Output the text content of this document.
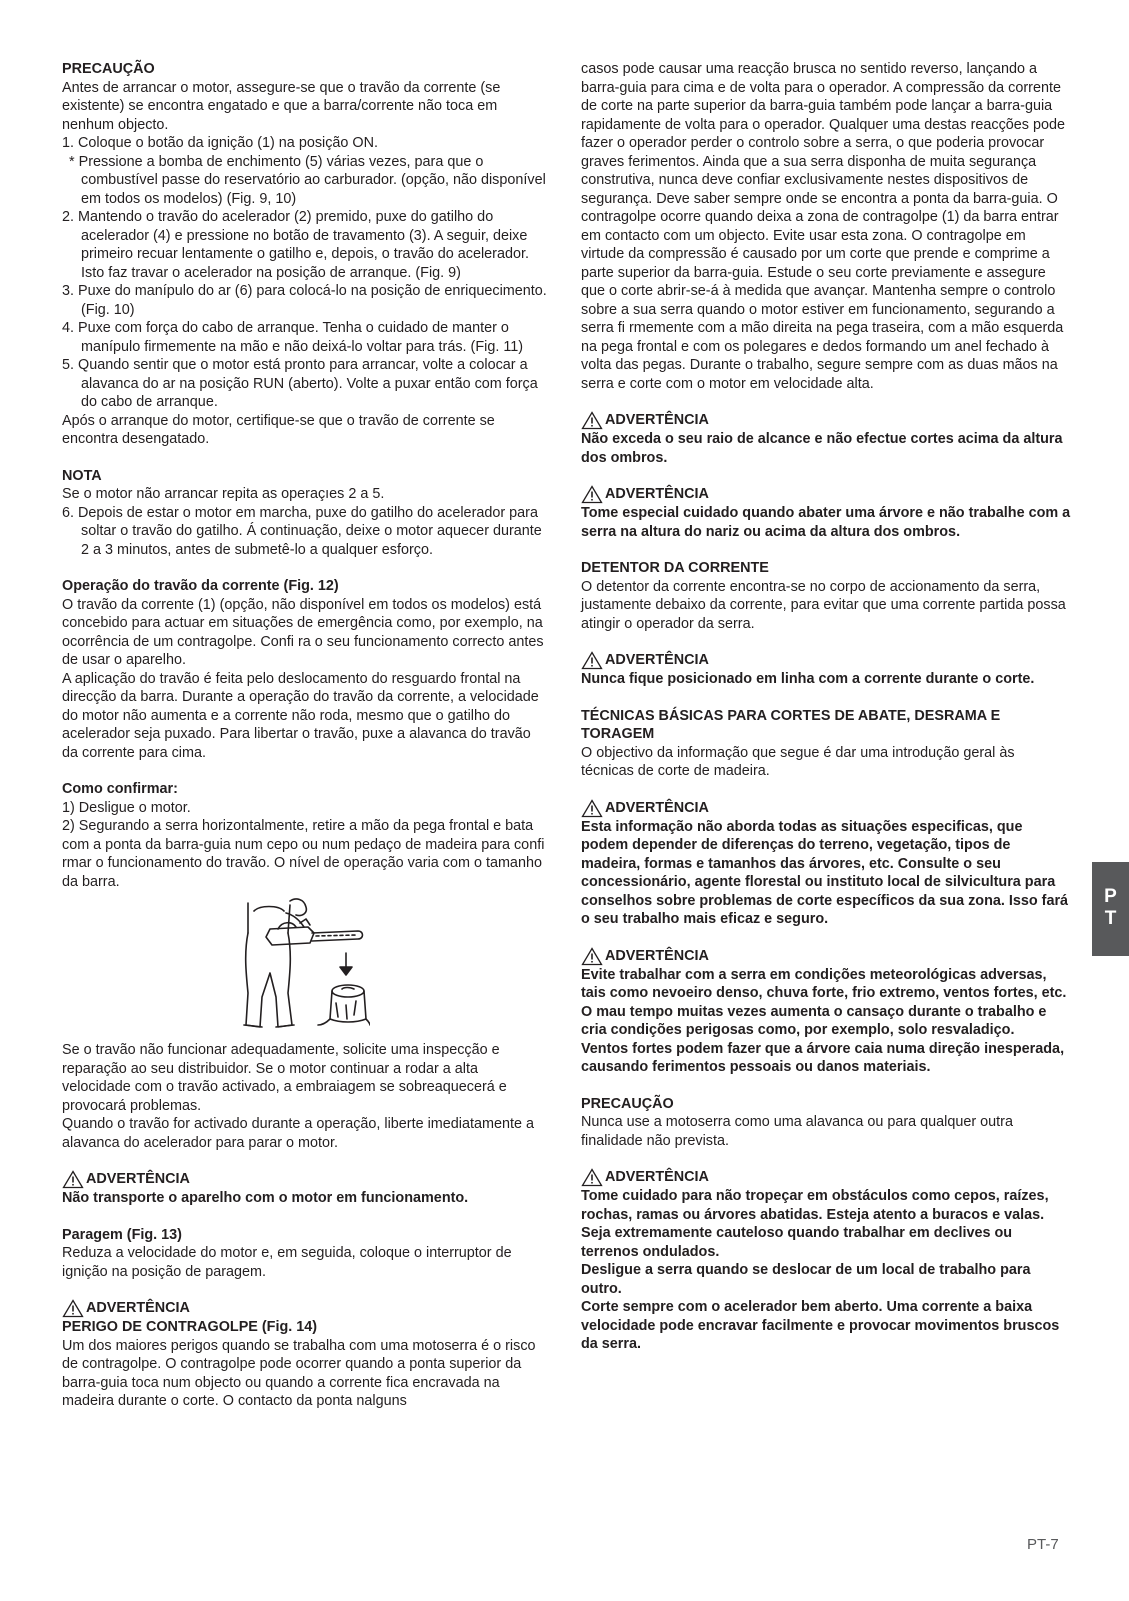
PRECAUÇÃO

Antes de arrancar o motor, assegure-se que o travão da corrente (se existente) se encontra engatado e que a barra/corrente não toca em nenhum objecto.

1. Coloque o botão da ignição (1) na posição ON.
* Pressione a bomba de enchimento (5) várias vezes, para que o combustível passe do reservatório ao carburador. (opção, não disponível em todos os modelos) (Fig. 9, 10)
2. Mantendo o travão do acelerador (2) premido, puxe do gatilho do acelerador (4) e pressione no botão de travamento (3). A seguir, deixe primeiro recuar lentamente o gatilho e, depois, o travão do acelerador. Isto faz travar o acelerador na posição de arranque. (Fig. 9)
3. Puxe do manípulo do ar (6) para colocá-lo na posição de enriquecimento. (Fig. 10)
4. Puxe com força do cabo de arranque. Tenha o cuidado de manter o manípulo firmemente na mão e não deixá-lo voltar para trás. (Fig. 11)
5. Quando sentir que o motor está pronto para arrancar, volte a colocar a alavanca do ar na posição RUN (aberto). Volte a puxar então com força do cabo de arranque.

Após o arranque do motor, certifique-se que o travão de corrente se encontra desengatado.

NOTA

Se o motor não arrancar repita as operaçıes 2 a 5.

6. Depois de estar o motor em marcha, puxe do gatilho do acelerador para soltar o travão do gatilho. Á continuação, deixe o motor aquecer durante 2 a 3 minutos, antes de submetê-lo a qualquer esforço.

Operação do travão da corrente (Fig. 12)

O travão da corrente (1) (opção, não disponível em todos os modelos) está concebido para actuar em situações de emergência como, por exemplo, na ocorrência de um contragolpe. Confi ra o seu funcionamento correcto antes de usar o aparelho.

A aplicação do travão é feita pelo deslocamento do resguardo frontal na direcção da barra. Durante a operação do travão da corrente, a velocidade do motor não aumenta e a corrente não roda, mesmo que o gatilho do acelerador seja puxado. Para libertar o travão, puxe a alavanca do travão da corrente para cima.

Como confirmar:

1) Desligue o motor.

2) Segurando a serra horizontalmente, retire a mão da pega frontal e bata com a ponta da barra-guia num cepo ou num pedaço de madeira para confi rmar o funcionamento do travão. O nível de operação varia com o tamanho da barra.

Se o travão não funcionar adequadamente, solicite uma inspecção e reparação ao seu distribuidor. Se o motor continuar a rodar a alta velocidade com o travão activado, a embraiagem se sobreaquecerá e provocará problemas.

Quando o travão for activado durante a operação, liberte imediatamente a alavanca do acelerador para parar o motor.

ADVERTÊNCIA

Não transporte o aparelho com o motor em funcionamento.

Paragem (Fig. 13)

Reduza a velocidade do motor e, em seguida, coloque o interruptor de ignição na posição de paragem.

ADVERTÊNCIA

PERIGO DE CONTRAGOLPE (Fig. 14)

Um dos maiores perigos quando se trabalha com uma motoserra é o risco de contragolpe. O contragolpe pode ocorrer quando a ponta superior da barra-guia toca num objecto ou quando a corrente fica encravada na madeira durante o corte. O contacto da ponta nalguns

casos pode causar uma reacção brusca no sentido reverso, lançando a barra-guia para cima e de volta para o operador. A compressão da corrente de corte na parte superior da barra-guia também pode lançar a barra-guia rapidamente de volta para o operador. Qualquer uma destas reacções pode fazer o operador perder o controlo sobre a serra, o que poderia provocar graves ferimentos. Ainda que a sua serra disponha de muita segurança construtiva, nunca deve confiar exclusivamente nestes dispositivos de segurança. Deve saber sempre onde se encontra a ponta da barra-guia. O contragolpe ocorre quando deixa a zona de contragolpe (1) da barra entrar em contacto com um objecto. Evite usar esta zona. O contragolpe em virtude da compressão é causado por um corte que prende e comprime a parte superior da barra-guia. Estude o seu corte previamente e assegure que o corte abrir-se-á à medida que avançar. Mantenha sempre o controlo sobre a sua serra quando o motor estiver em funcionamento, segurando a serra fi rmemente com a mão direita na pega traseira, com a mão esquerda na pega frontal e com os polegares e dedos formando um anel fechado à volta das pegas. Durante o trabalho, segure sempre com as duas mãos na serra e corte com o motor em velocidade alta.

ADVERTÊNCIA

Não exceda o seu raio de alcance e não efectue cortes acima da altura dos ombros.

ADVERTÊNCIA

Tome especial cuidado quando abater uma árvore e não trabalhe com a serra na altura do nariz ou acima da altura dos ombros.

DETENTOR DA CORRENTE

O detentor da corrente encontra-se no corpo de accionamento da serra, justamente debaixo da corrente, para evitar que uma corrente partida possa atingir o operador da serra.

ADVERTÊNCIA

Nunca fique posicionado em linha com a corrente durante o corte.

TÉCNICAS BÁSICAS PARA CORTES DE ABATE, DESRAMA E TORAGEM

O objectivo da informação que segue é dar uma introdução geral às técnicas de corte de madeira.

ADVERTÊNCIA

Esta informação não aborda todas as situações especificas, que podem depender de diferenças do terreno, vegetação, tipos de madeira, formas e tamanhos das árvores, etc. Consulte o seu concessionário, agente florestal ou instituto local de silvicultura para conselhos sobre problemas de corte específicos da sua zona. Isso fará o seu trabalho mais eficaz e seguro.

ADVERTÊNCIA

Evite trabalhar com a serra em condições meteorológicas adversas, tais como nevoeiro denso, chuva forte, frio extremo, ventos fortes, etc.

O mau tempo muitas vezes aumenta o cansaço durante o trabalho e cria condições perigosas como, por exemplo, solo resvaladiço.

Ventos fortes podem fazer que a árvore caia numa direção inesperada, causando ferimentos pessoais ou danos materiais.

PRECAUÇÃO

Nunca use a motoserra como uma alavanca ou para qualquer outra finalidade não prevista.

ADVERTÊNCIA

Tome cuidado para não tropeçar em obstáculos como cepos, raízes, rochas, ramas ou árvores abatidas. Esteja atento a buracos e valas. Seja extremamente cauteloso quando trabalhar em declives ou terrenos ondulados.

Desligue a serra quando se deslocar de um local de trabalho para outro.

Corte sempre com o acelerador bem aberto. Uma corrente a baixa velocidade pode encravar facilmente e provocar movimentos bruscos da serra.

P
T
PT-7
